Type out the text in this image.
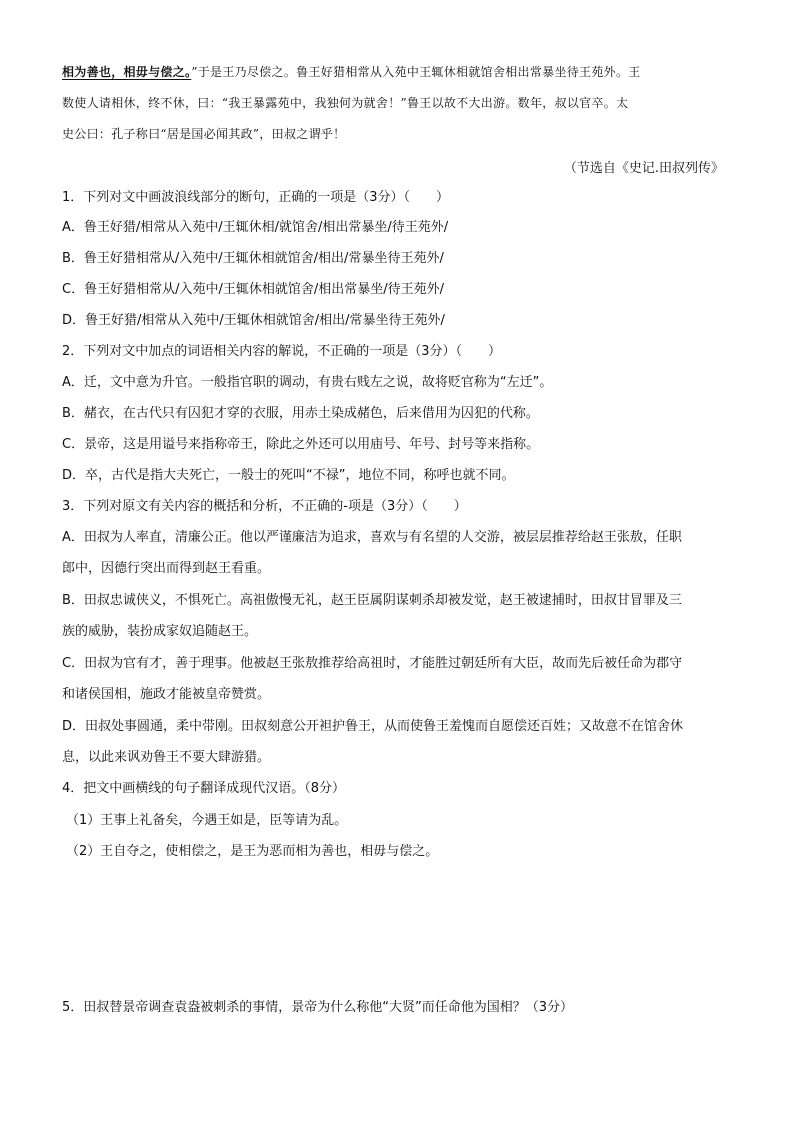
相为善也，相毋与偿之。”于是王乃尽偿之。鲁王好猎相常从入苑中王辄休相就馆舍相出常暴坐待王苑外。王

数使人请相休，终不休，曰：“我王暴露苑中，我独何为就舍！”鲁王以故不大出游。数年，叔以官卒。太

史公曰：孔子称曰“居是国必闻其政”，田叔之谓乎！

（节选自《史记.田叔列传》

1．下列对文中画波浪线部分的断句，正确的一项是（3分）（　　）

A．鲁王好猎/相常从入苑中/王辄休相/就馆舍/相出常暴坐/待王苑外/

B．鲁王好猎相常从/入苑中/王辄休相就馆舍/相出/常暴坐待王苑外/

C．鲁王好猎相常从/入苑中/王辄休相就馆舍/相出常暴坐/待王苑外/

D．鲁王好猎/相常从入苑中/王辄休相就馆舍/相出/常暴坐待王苑外/

2．下列对文中加点的词语相关内容的解说，不正确的一项是（3分）（　　）

A．迁，文中意为升官。一般指官职的调动，有贵右贱左之说，故将贬官称为“左迁”。

B．赭衣，在古代只有囚犯才穿的衣服，用赤土染成赭色，后来借用为囚犯的代称。

C．景帝，这是用谥号来指称帝王，除此之外还可以用庙号、年号、封号等来指称。

D．卒，古代是指大夫死亡，一般士的死叫“不禄”，地位不同，称呼也就不同。

3．下列对原文有关内容的概括和分析，不正确的-项是（3分）（　　）

A．田叔为人率直，清廉公正。他以严谨廉洁为追求，喜欢与有名望的人交游，被层层推荐给赵王张敖，任职

郎中，因德行突出而得到赵王看重。

B．田叔忠诚侠义，不惧死亡。高祖傲慢无礼，赵王臣属阴谋刺杀却被发觉，赵王被逮捕时，田叔甘冒罪及三

族的威胁，装扮成家奴追随赵王。

C．田叔为官有才，善于理事。他被赵王张敖推荐给高祖时，才能胜过朝廷所有大臣，故而先后被任命为郡守

和诸侯国相，施政才能被皇帝赞赏。

D．田叔处事圆通，柔中带刚。田叔刻意公开袒护鲁王，从而使鲁王羞愧而自愿偿还百姓；又故意不在馆舍休

息，以此来讽劝鲁王不要大肆游猎。

4．把文中画横线的句子翻译成现代汉语。（8分）

（1）王事上礼备矣，今遇王如是，臣等请为乱。

（2）王自夺之，使相偿之，是王为恶而相为善也，相毋与偿之。

5．田叔替景帝调查袁盎被刺杀的事情，景帝为什么称他“大贤”而任命他为国相？（3分）
